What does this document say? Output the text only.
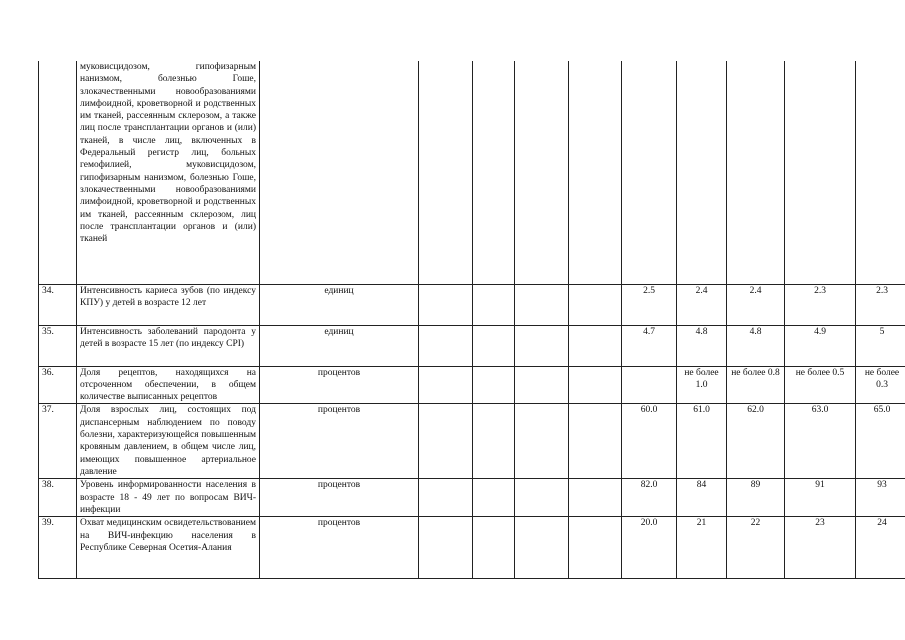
	муковисцидозом, гипофизарным нанизмом, болезнью Гоше, злокачественными новообразованиями лимфоидной, кроветворной и родственных им тканей, рассеянным склерозом, а также лиц после трансплантации органов и (или) тканей, в числе лиц, включенных в Федеральный регистр лиц, больных гемофилией, муковисцидозом, гипофизарным нанизмом, болезнью Гоше, злокачественными новообразованиями лимфоидной, кроветворной и родственных им тканей, рассеянным склерозом, лиц после трансплантации органов и (или) тканей										
34.	Интенсивность кариеса зубов (по индексу КПУ) у детей в возрасте 12 лет	единиц					2.5	2.4	2.4	2.3	2.3
35.	Интенсивность заболеваний пародонта у детей в возрасте 15 лет (по индексу CPI)	единиц					4.7	4.8	4.8	4.9	5
36.	Доля рецептов, находящихся на отсроченном обеспечении, в общем количестве выписанных рецептов	процентов						не более 1.0	не более 0.8	не более 0.5	не более 0.3
37.	Доля взрослых лиц, состоящих под диспансерным наблюдением по поводу болезни, характеризующейся повышенным кровяным давлением, в общем числе лиц, имеющих повышенное артериальное давление	процентов					60.0	61.0	62.0	63.0	65.0
38.	Уровень информированности населения в возрасте 18 - 49 лет по вопросам ВИЧ-инфекции	процентов					82.0	84	89	91	93
39.	Охват медицинским освидетельствованием на ВИЧ-инфекцию населения в Республике Северная Осетия-Алания	процентов					20.0	21	22	23	24
